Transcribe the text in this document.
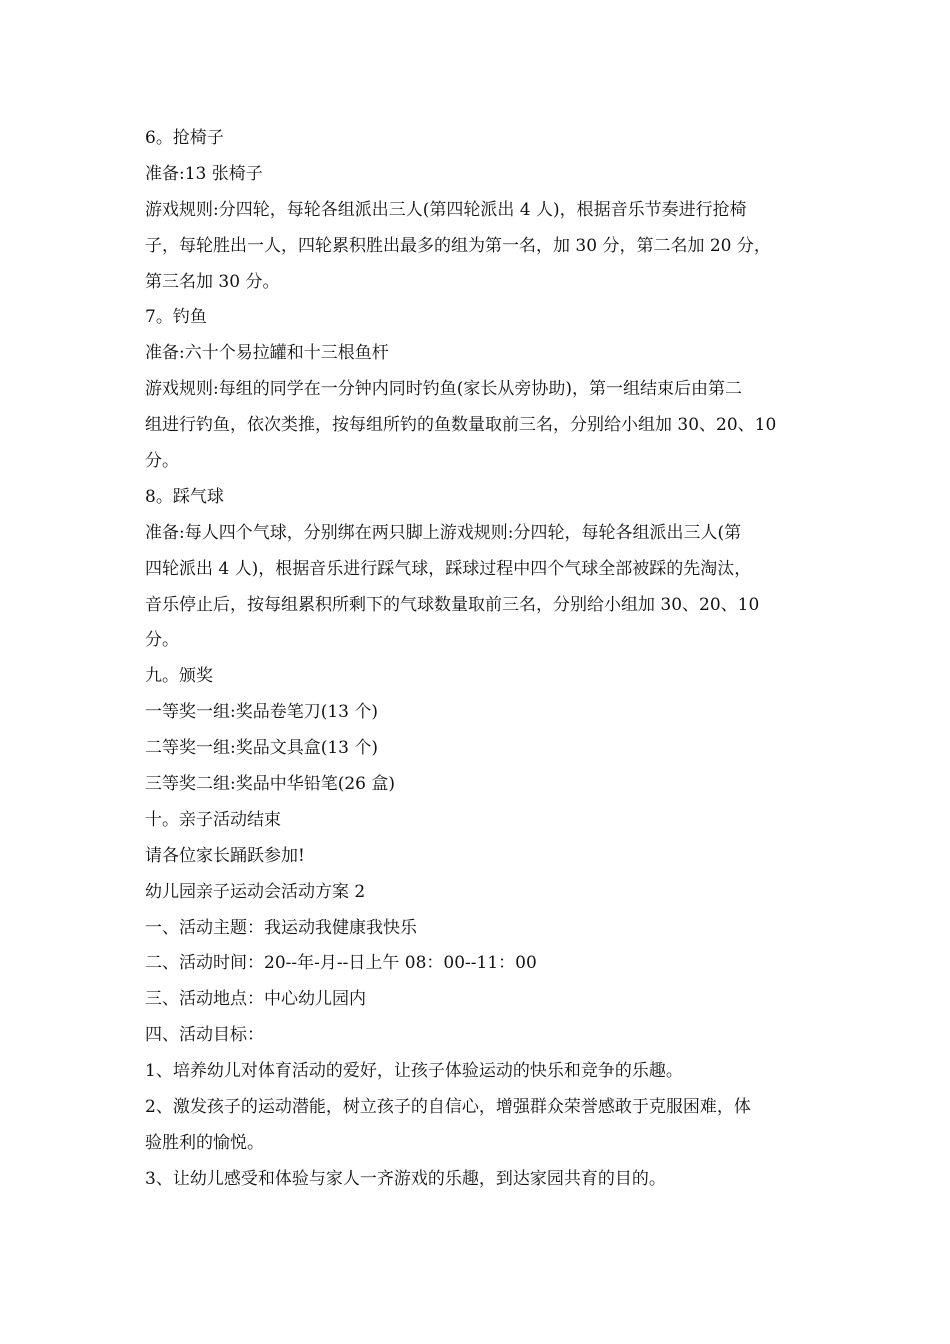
6。抢椅子
准备:13 张椅子
游戏规则:分四轮，每轮各组派出三人(第四轮派出 4 人)，根据音乐节奏进行抢椅
子，每轮胜出一人，四轮累积胜出最多的组为第一名，加 30 分，第二名加 20 分，
第三名加 30 分。
7。钓鱼
准备:六十个易拉罐和十三根鱼杆
游戏规则:每组的同学在一分钟内同时钓鱼(家长从旁协助)，第一组结束后由第二
组进行钓鱼，依次类推，按每组所钓的鱼数量取前三名，分别给小组加 30、20、10
分。
8。踩气球
准备:每人四个气球，分别绑在两只脚上游戏规则:分四轮，每轮各组派出三人(第
四轮派出 4 人)，根据音乐进行踩气球，踩球过程中四个气球全部被踩的先淘汰，
音乐停止后，按每组累积所剩下的气球数量取前三名，分别给小组加 30、20、10
分。
九。颁奖
一等奖一组:奖品卷笔刀(13 个)
二等奖一组:奖品文具盒(13 个)
三等奖二组:奖品中华铅笔(26 盒)
十。亲子活动结束
请各位家长踊跃参加!
幼儿园亲子运动会活动方案 2
一、活动主题：我运动我健康我快乐
二、活动时间：20--年-月--日上午 08：00--11：00
三、活动地点：中心幼儿园内
四、活动目标：
1、培养幼儿对体育活动的爱好，让孩子体验运动的快乐和竞争的乐趣。
2、激发孩子的运动潜能，树立孩子的自信心，增强群众荣誉感敢于克服困难，体
验胜利的愉悦。
3、让幼儿感受和体验与家人一齐游戏的乐趣，到达家园共育的目的。
